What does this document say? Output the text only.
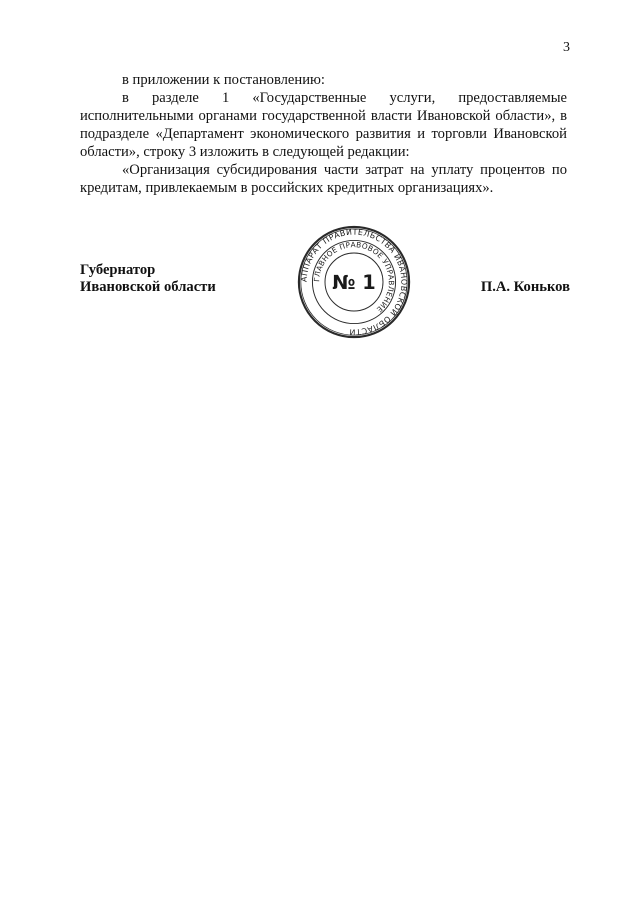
3

в приложении к постановлению:

в разделе 1 «Государственные услуги, предоставляемые исполнительными органами государственной власти Ивановской области», в подразделе «Департамент экономического развития и торговли Ивановской области», строку 3 изложить в следующей редакции:

«Организация субсидирования части затрат на уплату процентов по кредитам, привлекаемым в российских кредитных организациях».

Губернатор
Ивановской области	П.А. Коньков
АППАРАТ ПРАВИТЕЛЬСТВА ИВАНОВСКОЙ ОБЛАСТИ
ГЛАВНОЕ ПРАВОВОЕ УПРАВЛЕНИЕ
№ 1
